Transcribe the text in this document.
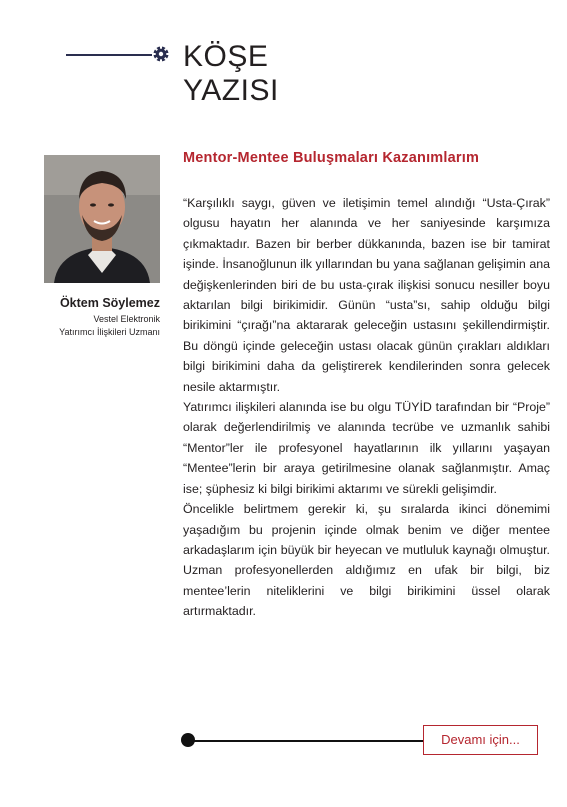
KÖŞE
YAZISI
Öktem Söylemez
Vestel Elektronik
Yatırımcı İlişkileri Uzmanı
Mentor-Mentee Buluşmaları Kazanımlarım

“Karşılıklı saygı, güven ve iletişimin temel alındığı “Usta-Çırak” olgusu hayatın her alanında ve her saniyesinde karşımıza çıkmaktadır. Bazen bir berber dükkanında, bazen ise bir tamirat işinde. İnsanoğlunun ilk yıllarından bu yana sağlanan gelişimin ana değişkenlerinden biri de bu usta-çırak ilişkisi sonucu nesiller boyu aktarılan bilgi birikimidir. Günün “usta”sı, sahip olduğu bilgi birikimini “çırağı”na aktararak geleceğin ustasını şekillendirmiştir. Bu döngü içinde geleceğin ustası olacak günün çırakları aldıkları bilgi birikimini daha da geliştirerek kendilerinden sonra gelecek nesile aktarmıştır.

Yatırımcı ilişkileri alanında ise bu olgu TÜYİD tarafından bir “Proje” olarak değerlendirilmiş ve alanında tecrübe ve uzmanlık sahibi “Mentor”ler ile profesyonel hayatlarının ilk yıllarını yaşayan “Mentee”lerin bir araya getirilmesine olanak sağlanmıştır. Amaç ise; şüphesiz ki bilgi birikimi aktarımı ve sürekli gelişimdir.

Öncelikle belirtmem gerekir ki, şu sıralarda ikinci dönemimi yaşadığım bu projenin içinde olmak benim ve diğer mentee arkadaşlarım için büyük bir heyecan ve mutluluk kaynağı olmuştur. Uzman profesyonellerden aldığımız en ufak bir bilgi, biz mentee’lerin niteliklerini ve bilgi birikimini üssel olarak artırmaktadır.

Devamı için...
